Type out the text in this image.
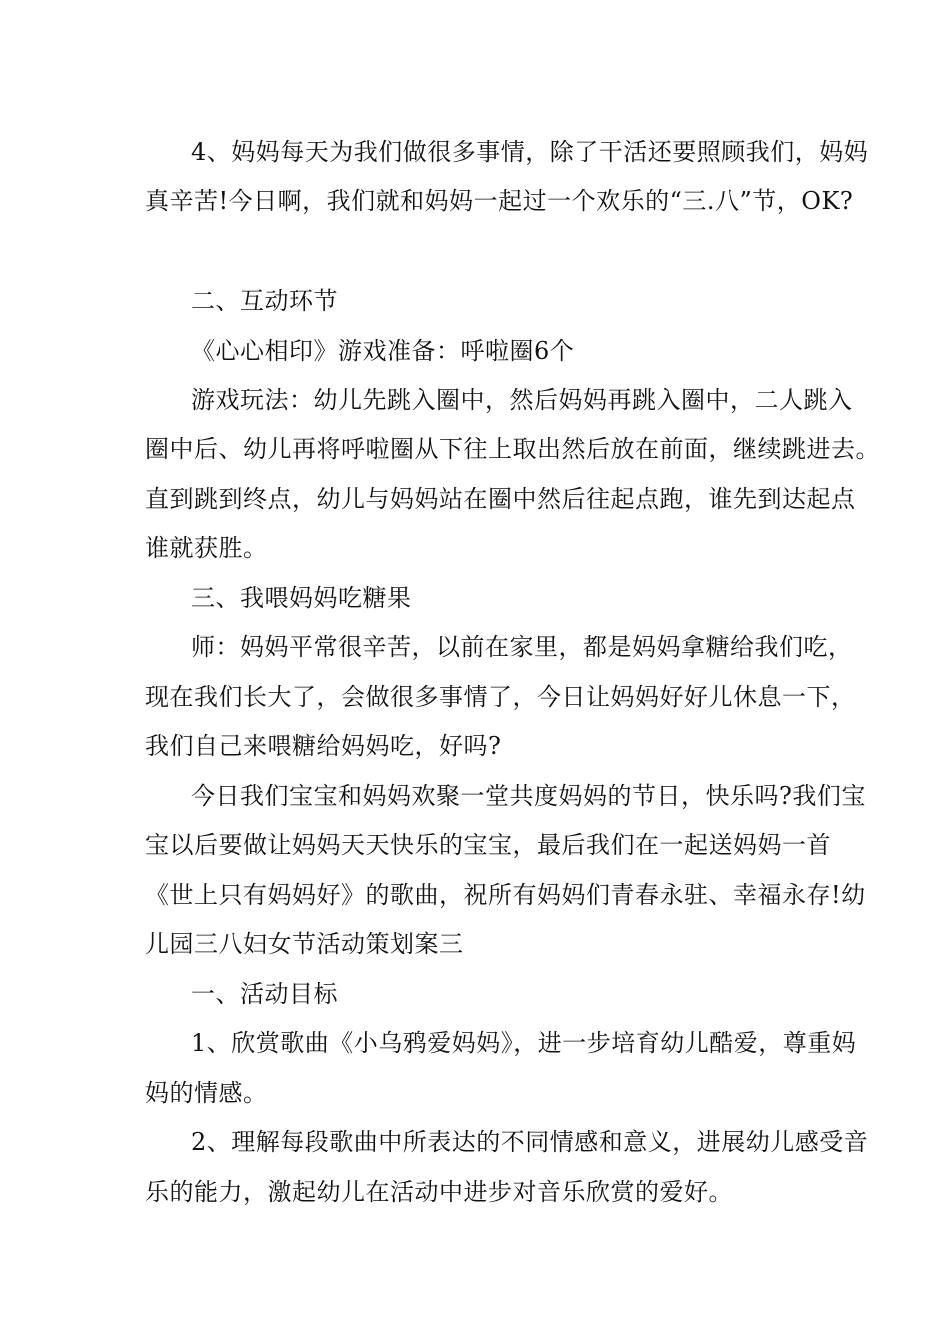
4、妈妈每天为我们做很多事情，除了干活还要照顾我们，妈妈
真辛苦!今日啊，我们就和妈妈一起过一个欢乐的“三.八”节，OK?
二、互动环节
《心心相印》游戏准备：呼啦圈6个
游戏玩法：幼儿先跳入圈中，然后妈妈再跳入圈中，二人跳入
圈中后、幼儿再将呼啦圈从下往上取出然后放在前面，继续跳进去。
直到跳到终点，幼儿与妈妈站在圈中然后往起点跑，谁先到达起点
谁就获胜。
三、我喂妈妈吃糖果
师：妈妈平常很辛苦，以前在家里，都是妈妈拿糖给我们吃，
现在我们长大了，会做很多事情了，今日让妈妈好好儿休息一下，
我们自己来喂糖给妈妈吃，好吗?
今日我们宝宝和妈妈欢聚一堂共度妈妈的节日，快乐吗?我们宝
宝以后要做让妈妈天天快乐的宝宝，最后我们在一起送妈妈一首
《世上只有妈妈好》的歌曲，祝所有妈妈们青春永驻、幸福永存!幼
儿园三八妇女节活动策划案三
一、活动目标
1、欣赏歌曲《小乌鸦爱妈妈》，进一步培育幼儿酷爱，尊重妈
妈的情感。
2、理解每段歌曲中所表达的不同情感和意义，进展幼儿感受音
乐的能力，激起幼儿在活动中进步对音乐欣赏的爱好。
